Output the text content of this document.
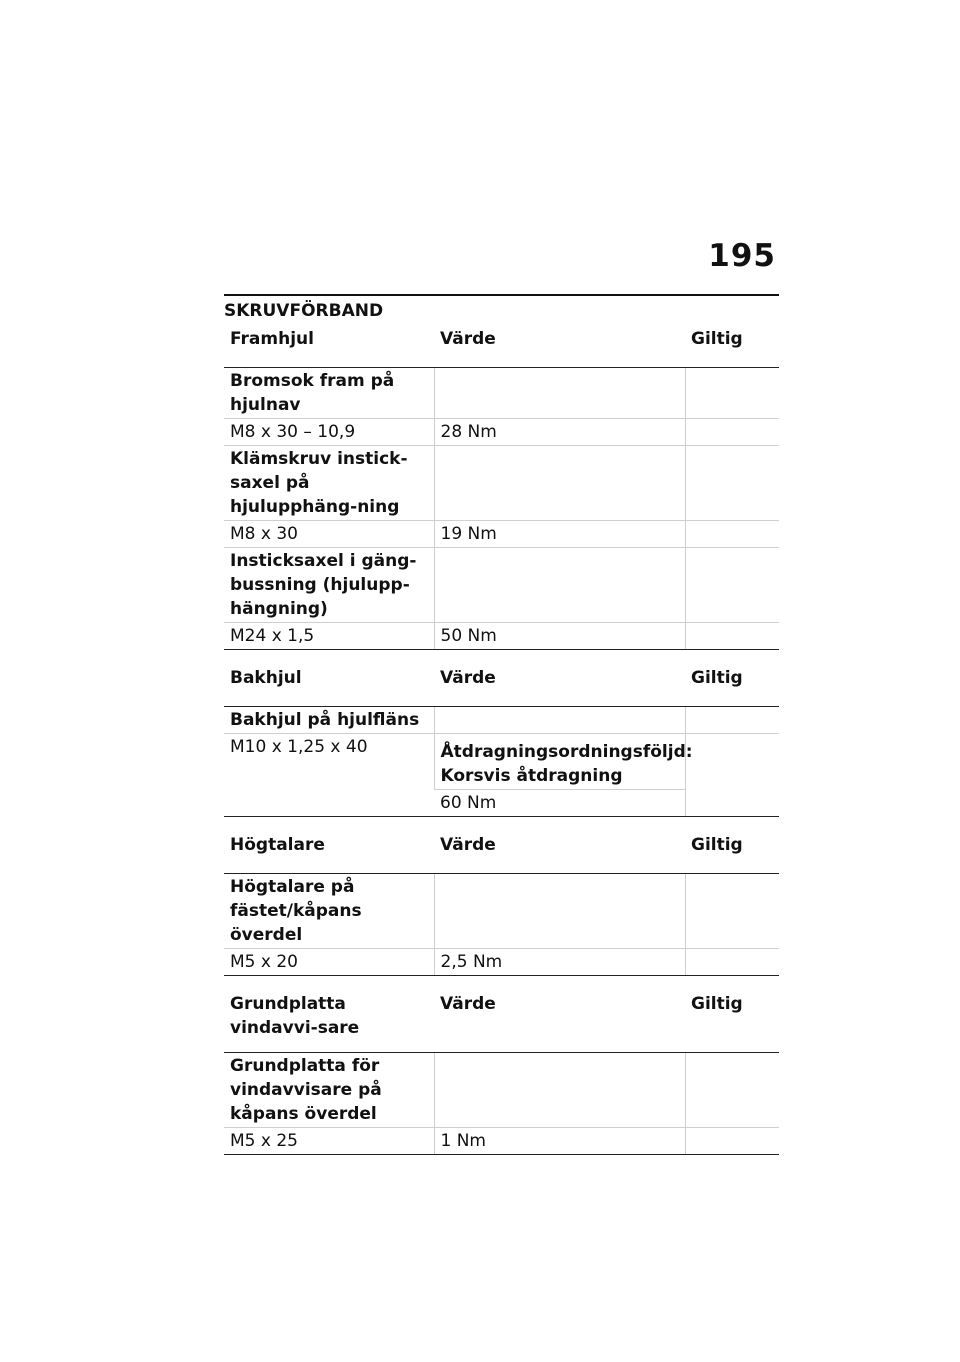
195
SKRUVFÖRBAND
Framhjul	Värde	Giltig
Bromsok fram på hjulnav		
M8 x 30 – 10,9	28 Nm	
Klämskruv instick-saxel på hjulupphäng-ning		
M8 x 30	19 Nm	
Insticksaxel i gäng-bussning (hjulupp-hängning)		
M24 x 1,5	50 Nm	
Bakhjul	Värde	Giltig
Bakhjul på hjulfläns		
M10 x 1,25 x 40	Åtdragningsordningsföljd: Korsvis åtdragning	
	60 Nm	
Högtalare	Värde	Giltig
Högtalare på fästet/kåpans överdel		
M5 x 20	2,5 Nm	
Grundplatta vindavvi-sare	Värde	Giltig
Grundplatta för vindavvisare på kåpans överdel		
M5 x 25	1 Nm	
